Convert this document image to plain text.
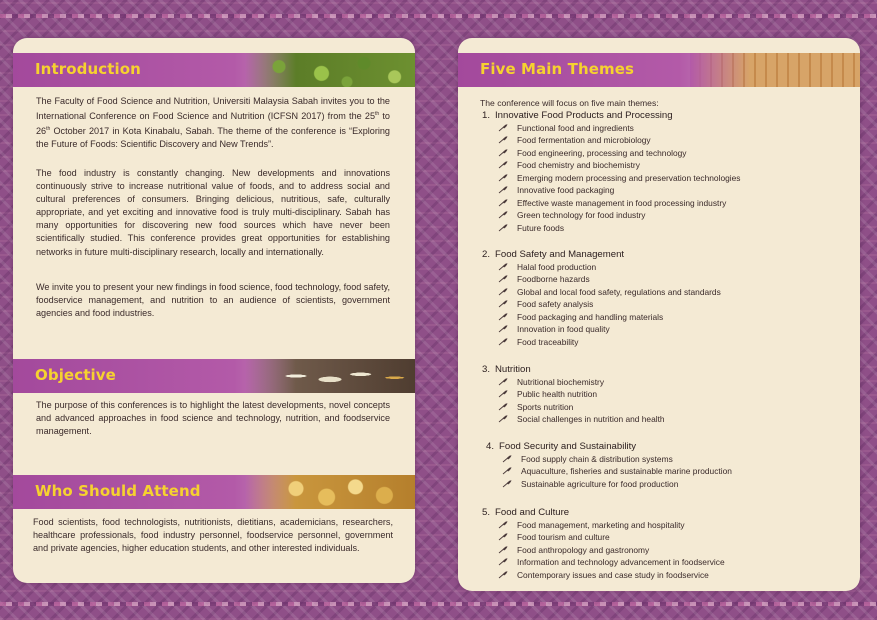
Introduction

The Faculty of Food Science and Nutrition, Universiti Malaysia Sabah invites you to the International Conference on Food Science and Nutrition (ICFSN 2017) from the 25th to 26th October 2017 in Kota Kinabalu, Sabah. The theme of the conference is “Exploring the Future of Foods: Scientific Discovery and New Trends”.

The food industry is constantly changing. New developments and innovations continuously strive to increase nutritional value of foods, and to address social and cultural preferences of consumers. Bringing delicious, nutritious, safe, culturally appropriate, and yet exciting and innovative food is truly multi-disciplinary. Sabah has many opportunities for discovering new food sources which have never been scientifically studied. This conference provides great opportunities for establishing networks in future multi-disciplinary research, locally and internationally.

We invite you to present your new findings in food science, food technology, food safety, foodservice management, and nutrition to an audience of scientists, government agencies and food industries.

Objective

The purpose of this conferences is to highlight the latest developments, novel concepts and advanced approaches in food science and technology, nutrition, and foodservice management.

Who Should Attend

Food scientists, food technologists, nutritionists, dietitians, academicians, researchers, healthcare professionals, food industry personnel, foodservice personnel, government and private agencies, higher education students, and other interested individuals.

Five Main Themes

The conference will focus on five main themes:

1. Innovative Food Products and Processing
Functional food and ingredients
Food fermentation and microbiology
Food engineering, processing and technology
Food chemistry and biochemistry
Emerging modern processing and preservation technologies
Innovative food packaging
Effective waste management in food processing industry
Green technology for food industry
Future foods
2. Food Safety and Management
Halal food production
Foodborne hazards
Global and local food safety, regulations and standards
Food safety analysis
Food packaging and handling materials
Innovation in food quality
Food traceability
3. Nutrition
Nutritional biochemistry
Public health nutrition
Sports nutrition
Social challenges in nutrition and health
4. Food Security and Sustainability
Food supply chain & distribution systems
Aquaculture, fisheries and sustainable marine production
Sustainable agriculture for food production
5. Food and Culture
Food management, marketing and hospitality
Food tourism and culture
Food anthropology and gastronomy
Information and technology advancement in foodservice
Contemporary issues and case study in foodservice
